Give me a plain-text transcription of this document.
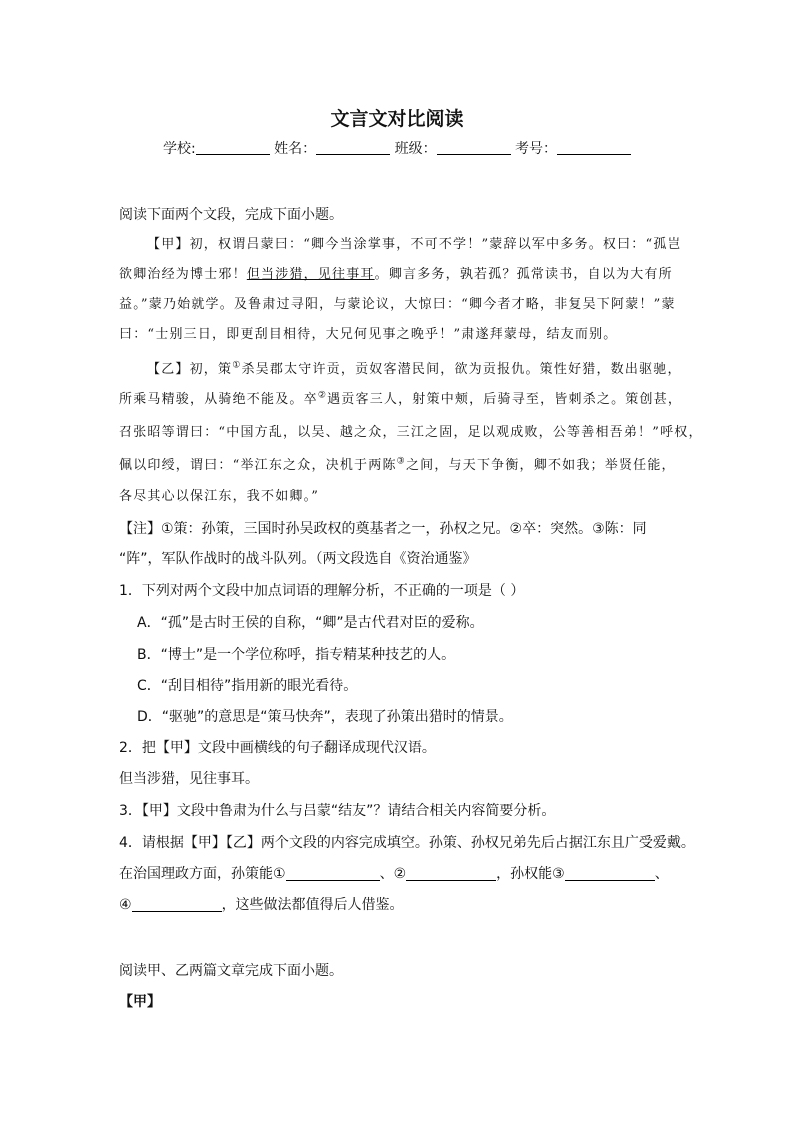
文言文对比阅读
学校:	姓名：	班级：	考号：
阅读下面两个文段，完成下面小题。
【甲】初，权谓吕蒙曰：“卿今当涂掌事，不可不学！”蒙辞以军中多务。权曰：“孤岂
欲卿治经为博士邪！但当涉猎，见往事耳。卿言多务，孰若孤？孤常读书，自以为大有所
益。”蒙乃始就学。及鲁肃过寻阳，与蒙论议，大惊曰：“卿今者才略，非复吴下阿蒙！”蒙
曰：“士别三日，即更刮目相待，大兄何见事之晚乎！”肃遂拜蒙母，结友而别。
【乙】初，策①杀吴郡太守许贡，贡奴客潜民间，欲为贡报仇。策性好猎，数出驱驰，
所乘马精骏，从骑绝不能及。卒②遇贡客三人，射策中颊，后骑寻至，皆刺杀之。策创甚，
召张昭等谓曰：“中国方乱，以吴、越之众，三江之固，足以观成败，公等善相吾弟！”呼权，
佩以印绶，谓曰：“举江东之众，决机于两陈③之间，与天下争衡，卿不如我；举贤任能，
各尽其心以保江东，我不如卿。”
【注】①策：孙策，三国时孙吴政权的奠基者之一，孙权之兄。②卒：突然。③陈：同
“阵”，军队作战时的战斗队列。（两文段选自《资治通鉴》
1．下列对两个文段中加点词语的理解分析，不正确的一项是（ ）
A．“孤”是古时王侯的自称，“卿”是古代君对臣的爱称。
B．“博士”是一个学位称呼，指专精某种技艺的人。
C．“刮目相待”指用新的眼光看待。
D．“驱驰”的意思是“策马快奔”，表现了孙策出猎时的情景。
2．把【甲】文段中画横线的句子翻译成现代汉语。
但当涉猎，见往事耳。
3．【甲】文段中鲁肃为什么与吕蒙“结友”？请结合相关内容简要分析。
4．请根据【甲】【乙】两个文段的内容完成填空。孙策、孙权兄弟先后占据江东且广受爱戴。
在治国理政方面，孙策能①	、②	，孙权能③	、
④	，这些做法都值得后人借鉴。
阅读甲、乙两篇文章完成下面小题。
【甲】
